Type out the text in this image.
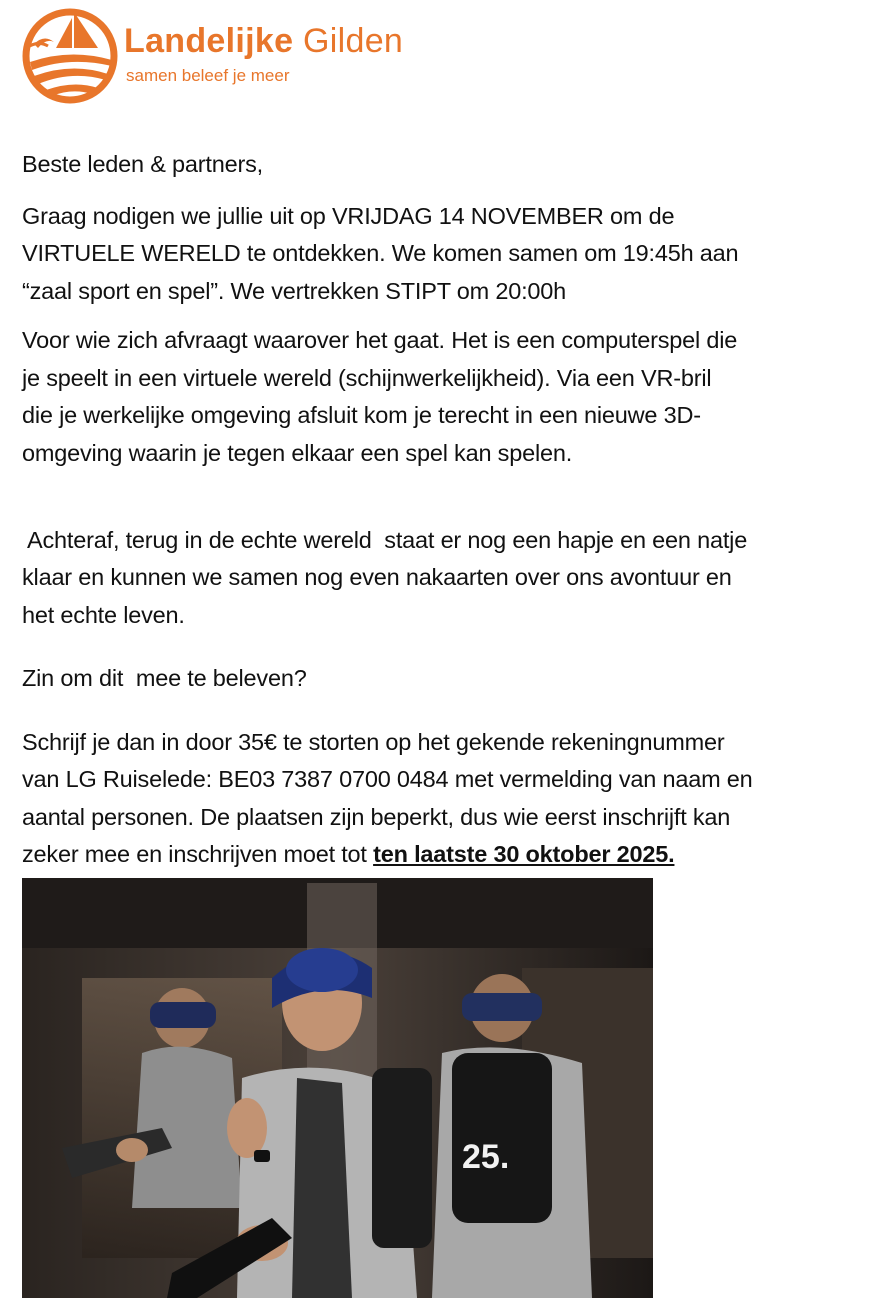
Landelijke Gilden
samen beleef je meer

Beste leden & partners,

Graag nodigen we jullie uit op VRIJDAG 14 NOVEMBER om de
VIRTUELE WERELD te ontdekken. We komen samen om 19:45h aan
“zaal sport en spel”. We vertrekken STIPT om 20:00h

Voor wie zich afvraagt waarover het gaat. Het is een computerspel die
je speelt in een virtuele wereld (schijnwerkelijkheid). Via een VR-bril
die je werkelijke omgeving afsluit kom je terecht in een nieuwe 3D-
omgeving waarin je tegen elkaar een spel kan spelen.

Achteraf, terug in de echte wereld  staat er nog een hapje en een natje
klaar en kunnen we samen nog even nakaarten over ons avontuur en
het echte leven.

Zin om dit  mee te beleven?

Schrijf je dan in door 35€ te storten op het gekende rekeningnummer
van LG Ruiselede: BE03 7387 0700 0484 met vermelding van naam en
aantal personen. De plaatsen zijn beperkt, dus wie eerst inschrijft kan
zeker mee en inschrijven moet tot ten laatste 30 oktober 2025.

25.
